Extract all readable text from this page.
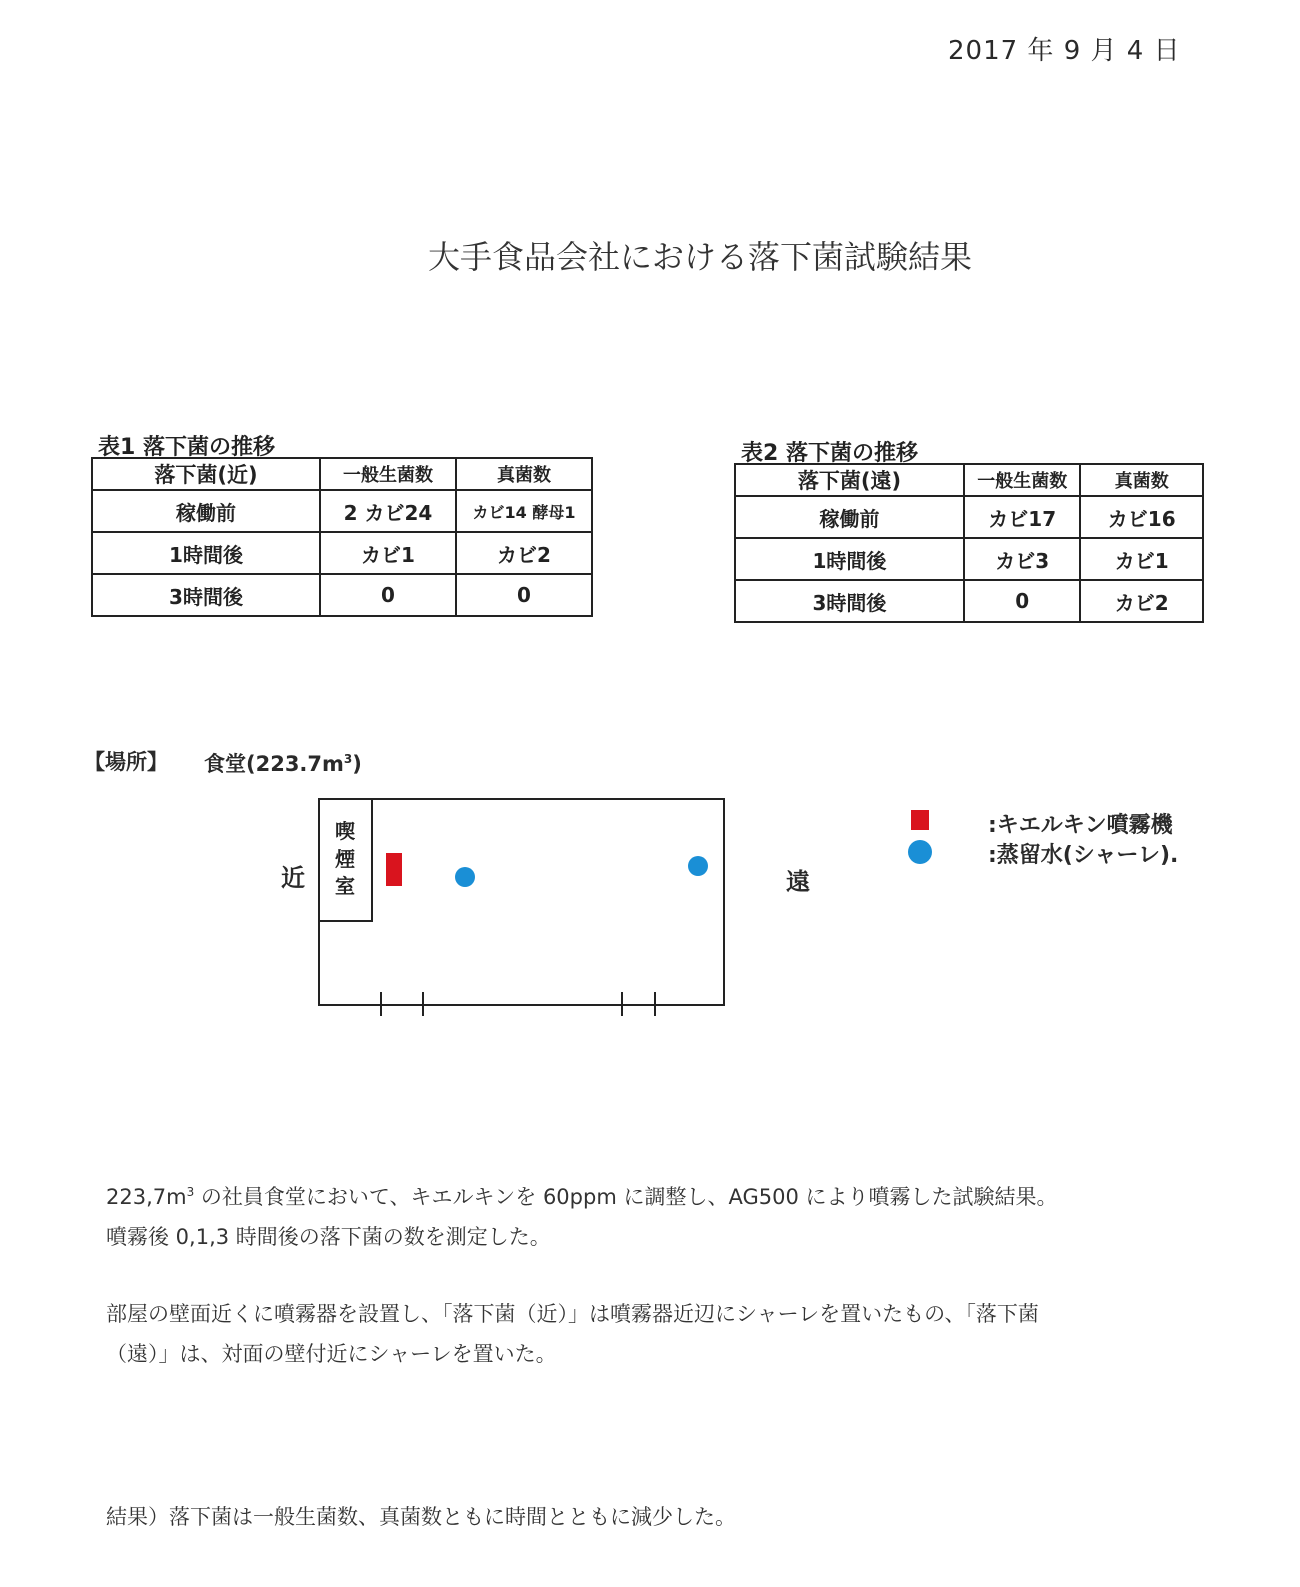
2017 年 9 月 4 日
大手食品会社における落下菌試験結果
表1 落下菌の推移
落下菌(近)	一般生菌数	真菌数
稼働前	2 カビ24	カビ14 酵母1
1時間後	カビ1	カビ2
3時間後	0	0
表2 落下菌の推移
落下菌(遠)	一般生菌数	真菌数
稼働前	カビ17	カビ16
1時間後	カビ3	カビ1
3時間後	0	カビ2
【場所】 食堂$(223.7m^3)$
近	遠
喫
煙
室
:キエルキン噴霧機
:蒸留水(シャーレ).
$223,7m^3$ の社員食堂において、キエルキンを 60ppm に調整し、AG500 により噴霧した試験結果。
噴霧後 0,1,3 時間後の落下菌の数を測定した。
部屋の壁面近くに噴霧器を設置し、「落下菌（近）」は噴霧器近辺にシャーレを置いたもの、「落下菌
（遠）」は、対面の壁付近にシャーレを置いた。
結果）落下菌は一般生菌数、真菌数ともに時間とともに減少した。
